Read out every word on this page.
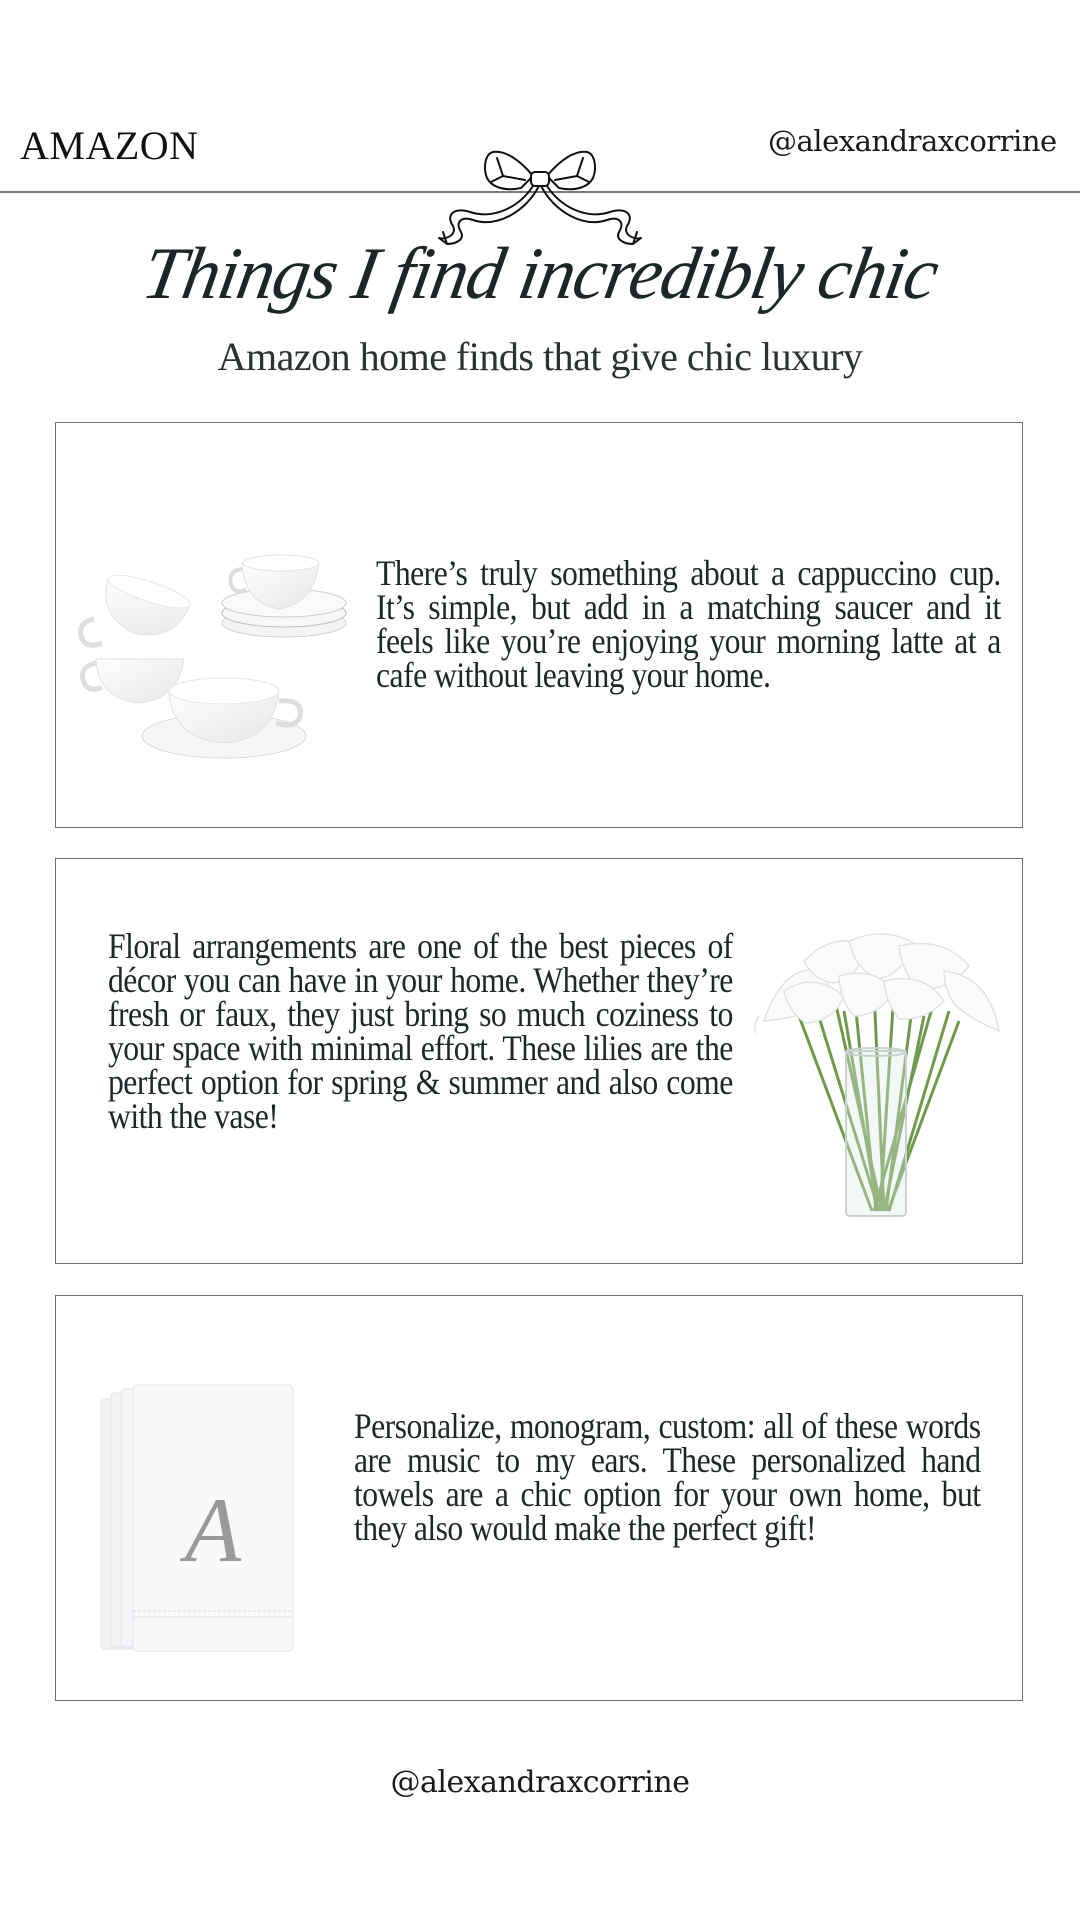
AMAZON	@alexandraxcorrine
Things I find incredibly chic
Amazon home finds that give chic luxury
There’s truly something about a cappuccino cup. It’s simple, but add in a matching saucer and it feels like you’re enjoying your morning latte at a cafe without leaving your home.
Floral arrangements are one of the best pieces of décor you can have in your home. Whether they’re fresh or faux, they just bring so much coziness to your space with minimal effort. These lilies are the perfect option for spring & summer and also come with the vase!
A
Personalize, monogram, custom: all of these words are music to my ears. These personalized hand towels are a chic option for your own home, but they also would make the perfect gift!
@alexandraxcorrine
